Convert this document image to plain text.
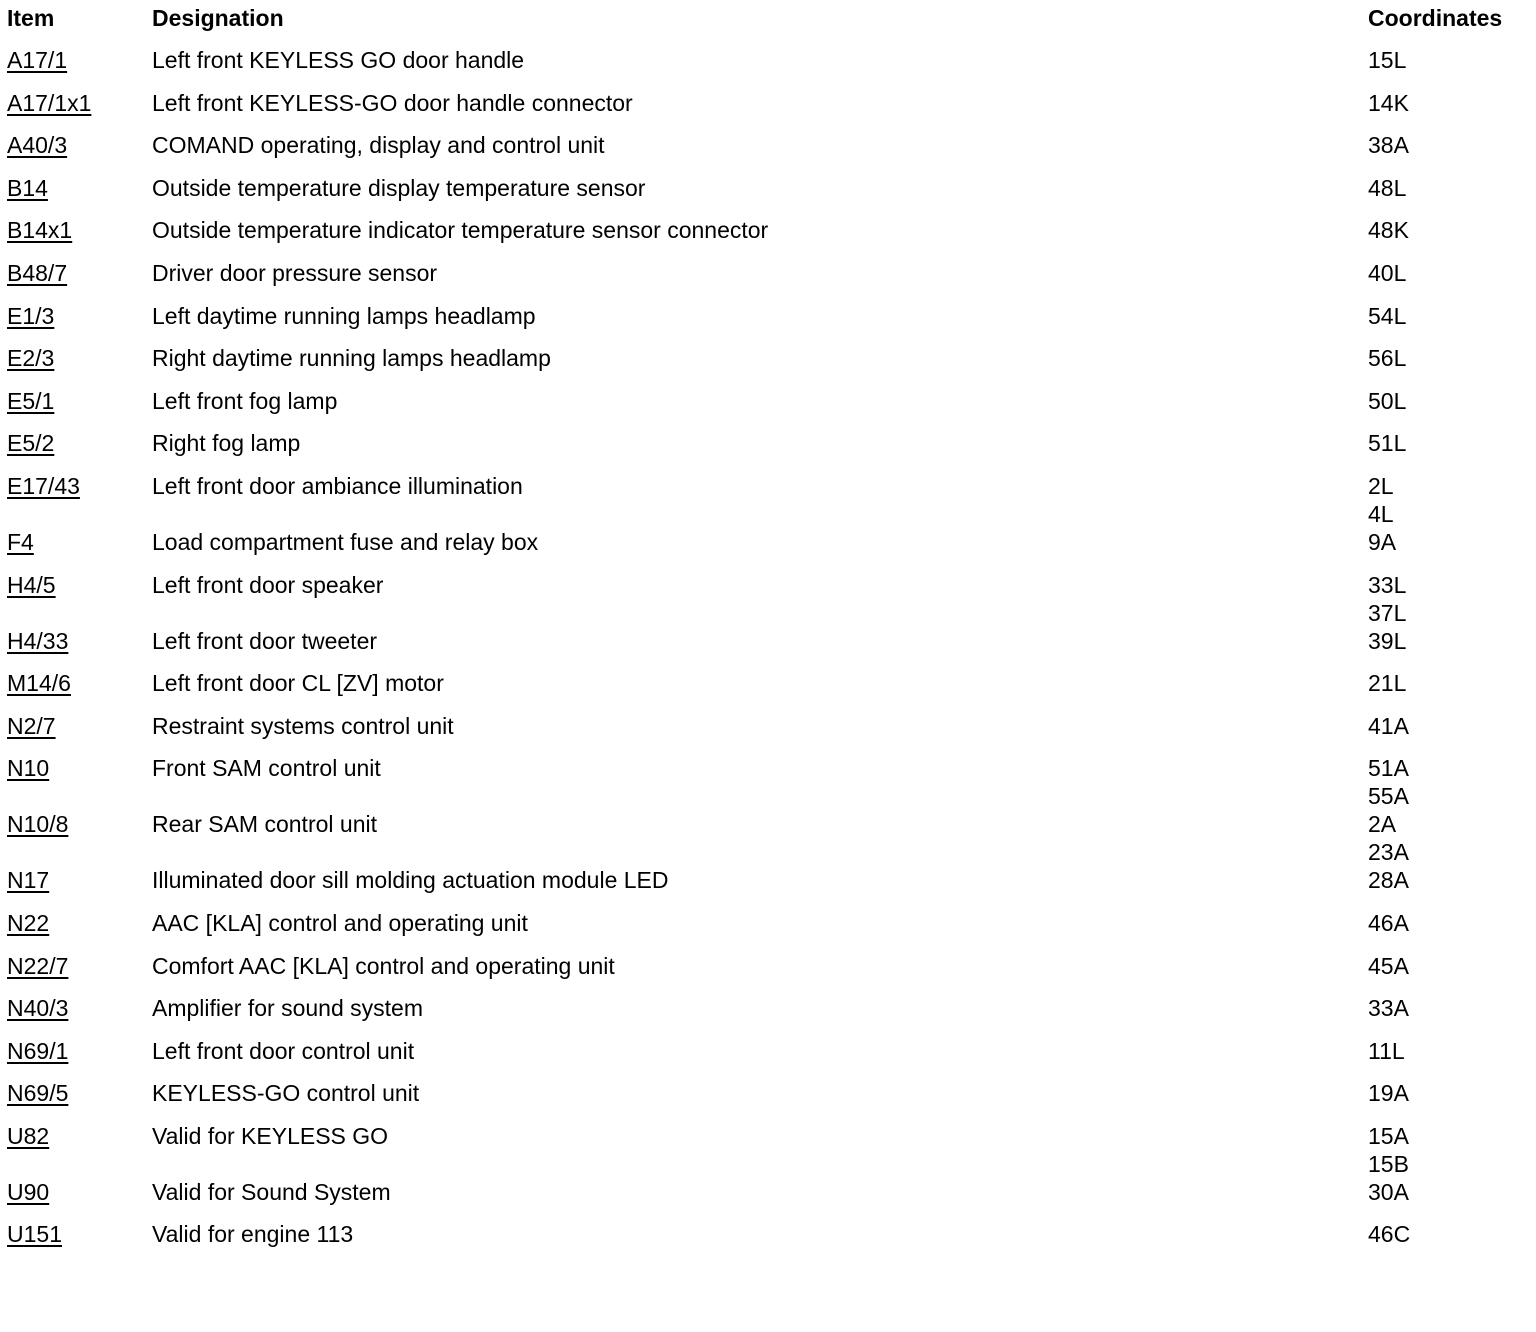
Item	Designation	Coordinates
A17/1	Left front KEYLESS GO door handle	15L
A17/1x1	Left front KEYLESS-GO door handle connector	14K
A40/3	COMAND operating, display and control unit	38A
B14	Outside temperature display temperature sensor	48L
B14x1	Outside temperature indicator temperature sensor connector	48K
B48/7	Driver door pressure sensor	40L
E1/3	Left daytime running lamps headlamp	54L
E2/3	Right daytime running lamps headlamp	56L
E5/1	Left front fog lamp	50L
E5/2	Right fog lamp	51L
E17/43	Left front door ambiance illumination	2L
4L
F4	Load compartment fuse and relay box	9A
H4/5	Left front door speaker	33L
37L
H4/33	Left front door tweeter	39L
M14/6	Left front door CL [ZV] motor	21L
N2/7	Restraint systems control unit	41A
N10	Front SAM control unit	51A
55A
N10/8	Rear SAM control unit	2A
23A
N17	Illuminated door sill molding actuation module LED	28A
N22	AAC [KLA] control and operating unit	46A
N22/7	Comfort AAC [KLA] control and operating unit	45A
N40/3	Amplifier for sound system	33A
N69/1	Left front door control unit	11L
N69/5	KEYLESS-GO control unit	19A
U82	Valid for KEYLESS GO	15A
15B
U90	Valid for Sound System	30A
U151	Valid for engine 113	46C
